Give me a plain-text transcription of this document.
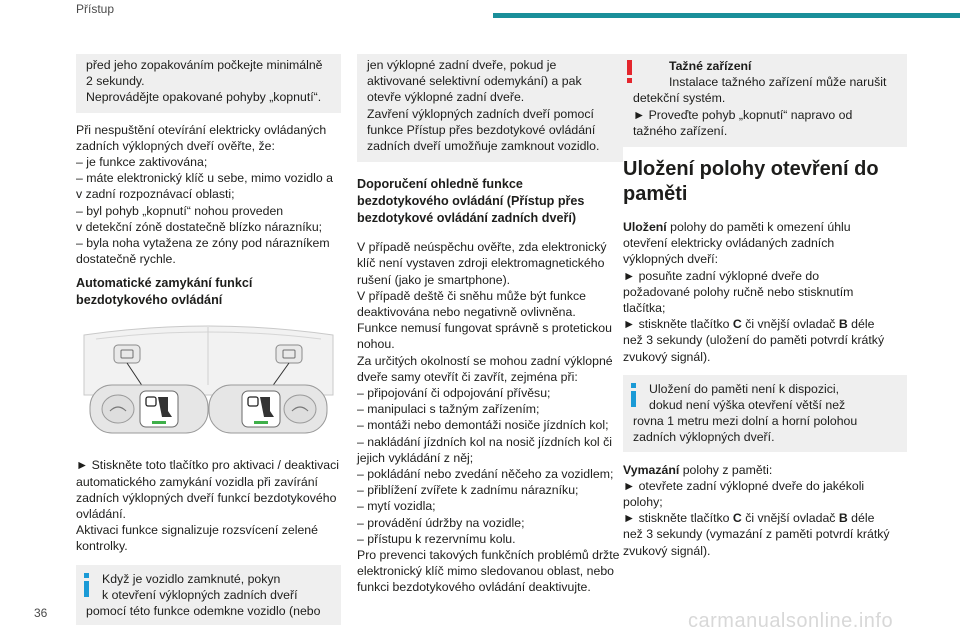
Přístup

před jeho zopakováním počkejte minimálně

2 sekundy.

Neprovádějte opakované pohyby „kopnutí“.

Při nespuštění otevírání elektricky ovládaných

zadních výklopných dveří ověřte, že:

– je funkce zaktivována;

– máte elektronický klíč u sebe, mimo vozidlo a

v zadní rozpoznávací oblasti;

– byl pohyb „kopnutí“ nohou proveden

v detekční zóně dostatečně blízko nárazníku;

– byla noha vytažena ze zóny pod nárazníkem

dostatečně rychle.

Automatické zamykání funkcí

bezdotykového ovládání

► Stiskněte toto tlačítko pro aktivaci / deaktivaci

automatického zamykání vozidla při zavírání

zadních výklopných dveří funkcí bezdotykového

ovládání.

Aktivaci funkce signalizuje rozsvícení zelené

kontrolky.

Když je vozidlo zamknuté, pokyn

k otevření výklopných zadních dveří

pomocí této funkce odemkne vozidlo (nebo

jen výklopné zadní dveře, pokud je

aktivované selektivní odemykání) a pak

otevře výklopné zadní dveře.

Zavření výklopných zadních dveří pomocí

funkce Přístup přes bezdotykové ovládání

zadních dveří umožňuje zamknout vozidlo.

Doporučení ohledně funkce

bezdotykového ovládání (Přístup přes

bezdotykové ovládání zadních dveří)

V případě neúspěchu ověřte, zda elektronický

klíč není vystaven zdroji elektromagnetického

rušení (jako je smartphone).

V případě deště či sněhu může být funkce

deaktivována nebo negativně ovlivněna.

Funkce nemusí fungovat správně s protetickou

nohou.

Za určitých okolností se mohou zadní výklopné

dveře samy otevřít či zavřít, zejména při:

– připojování či odpojování přívěsu;

– manipulaci s tažným zařízením;

– montáži nebo demontáži nosiče jízdních kol;

– nakládání jízdních kol na nosič jízdních kol či

jejich vykládání z něj;

– pokládání nebo zvedání něčeho za vozidlem;

– přiblížení zvířete k zadnímu nárazníku;

– mytí vozidla;

– provádění údržby na vozidle;

– přístupu k rezervnímu kolu.

Pro prevenci takových funkčních problémů držte

elektronický klíč mimo sledovanou oblast, nebo

funkci bezdotykového ovládání deaktivujte.

Tažné zařízení

Instalace tažného zařízení může narušit

detekční systém.

► Proveďte pohyb „kopnutí“ napravo od

tažného zařízení.

Uložení polohy otevření do

paměti

Uložení polohy do paměti k omezení úhlu

otevření elektricky ovládaných zadních

výklopných dveří:

► posuňte zadní výklopné dveře do

požadované polohy ručně nebo stisknutím

tlačítka;

► stiskněte tlačítko C či vnější ovladač B déle

než 3 sekundy (uložení do paměti potvrdí krátký

zvukový signál).

Uložení do paměti není k dispozici,

dokud není výška otevření větší než

rovna 1 metru mezi dolní a horní polohou

zadních výklopných dveří.

Vymazání polohy z paměti:

► otevřete zadní výklopné dveře do jakékoli

polohy;

► stiskněte tlačítko C či vnější ovladač B déle

než 3 sekundy (vymazání z paměti potvrdí krátký

zvukový signál).

36	carmanualsonline.info
